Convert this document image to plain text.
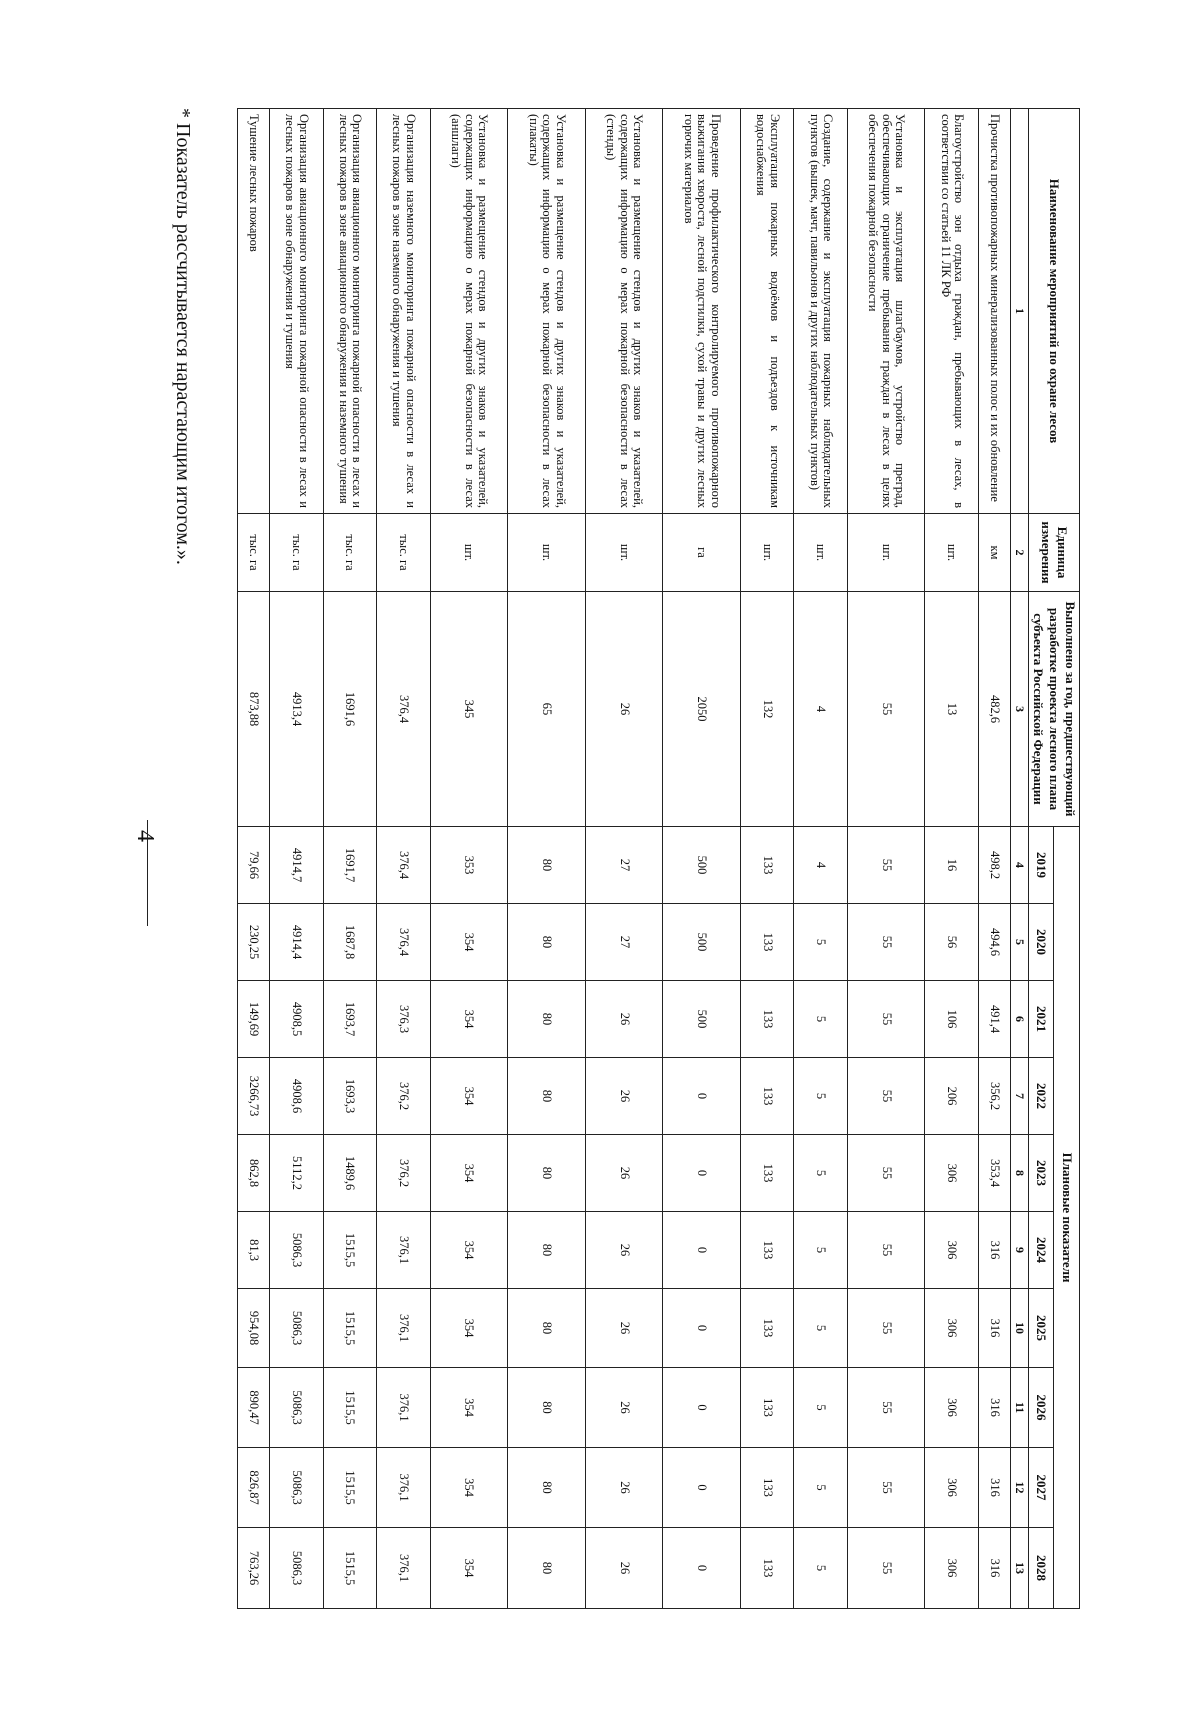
4
Наименование мероприятий по охране лесов	Единица измерения	Выполнено за год, предшествующий разработке проекта лесного плана субъекта Российской Федерации	Плановые показатели									
			2019	2020	2021	2022	2023	2024	2025	2026	2027	2028
1	2	3	4	5	6	7	8	9	10	11	12	13
Прочистка противопожарных минерализованных полос и их обновление	км	482,6	498,2	494,6	491,4	356,2	353,4	316	316	316	316	316
Благоустройство зон отдыха граждан, пребывающих в лесах, в соответствии со статьей 11 ЛК РФ	шт.	13	16	56	106	206	306	306	306	306	306	306
Установка и эксплуатация шлагбаумов, устройство преград, обеспечивающих ограничение пребывания граждан в лесах в целях обеспечения пожарной безопасности	шт.	55	55	55	55	55	55	55	55	55	55	55
Создание, содержание и эксплуатация пожарных наблюдательных пунктов (вышек, мачт, павильонов и других наблюдательных пунктов)	шт.	4	4	5	5	5	5	5	5	5	5	5
Эксплуатация пожарных водоёмов и подъездов к источникам водоснабжения	шт.	132	133	133	133	133	133	133	133	133	133	133
Проведение профилактического контролируемого противопожарного выжигания хвороста, лесной подстилки, сухой травы и других лесных горючих материалов	га	2050	500	500	500	0	0	0	0	0	0	0
Установка и размещение стендов и других знаков и указателей, содержащих информацию о мерах пожарной безопасности в лесах (стенды)	шт.	26	27	27	26	26	26	26	26	26	26	26
Установка и размещение стендов и других знаков и указателей, содержащих информацию о мерах пожарной безопасности в лесах (плакаты)	шт.	65	80	80	80	80	80	80	80	80	80	80
Установка и размещение стендов и других знаков и указателей, содержащих информацию о мерах пожарной безопасности в лесах (аншлаги)	шт.	345	353	354	354	354	354	354	354	354	354	354
Организация наземного мониторинга пожарной опасности в лесах и лесных пожаров в зоне наземного обнаружения и тушения	тыс. га	376,4	376,4	376,4	376,3	376,2	376,2	376,1	376,1	376,1	376,1	376,1
Организация авиационного мониторинга пожарной опасности в лесах и лесных пожаров в зоне авиационного обнаружения и наземного тушения	тыс. га	1691,6	1691,7	1687,8	1693,7	1693,3	1489,6	1515,5	1515,5	1515,5	1515,5	1515,5
Организация авиационного мониторинга пожарной опасности в лесах и лесных пожаров в зоне обнаружения и тушения	тыс. га	4913,4	4914,7	4914,4	4908,5	4908,6	5112,2	5086,3	5086,3	5086,3	5086,3	5086,3
Тушение лесных пожаров	тыс. га	873,88	79,66	230,25	149,69	3266,73	862,8	81,3	954,08	890,47	826,87	763,26
* Показатель рассчитывается нарастающим итогом.».
